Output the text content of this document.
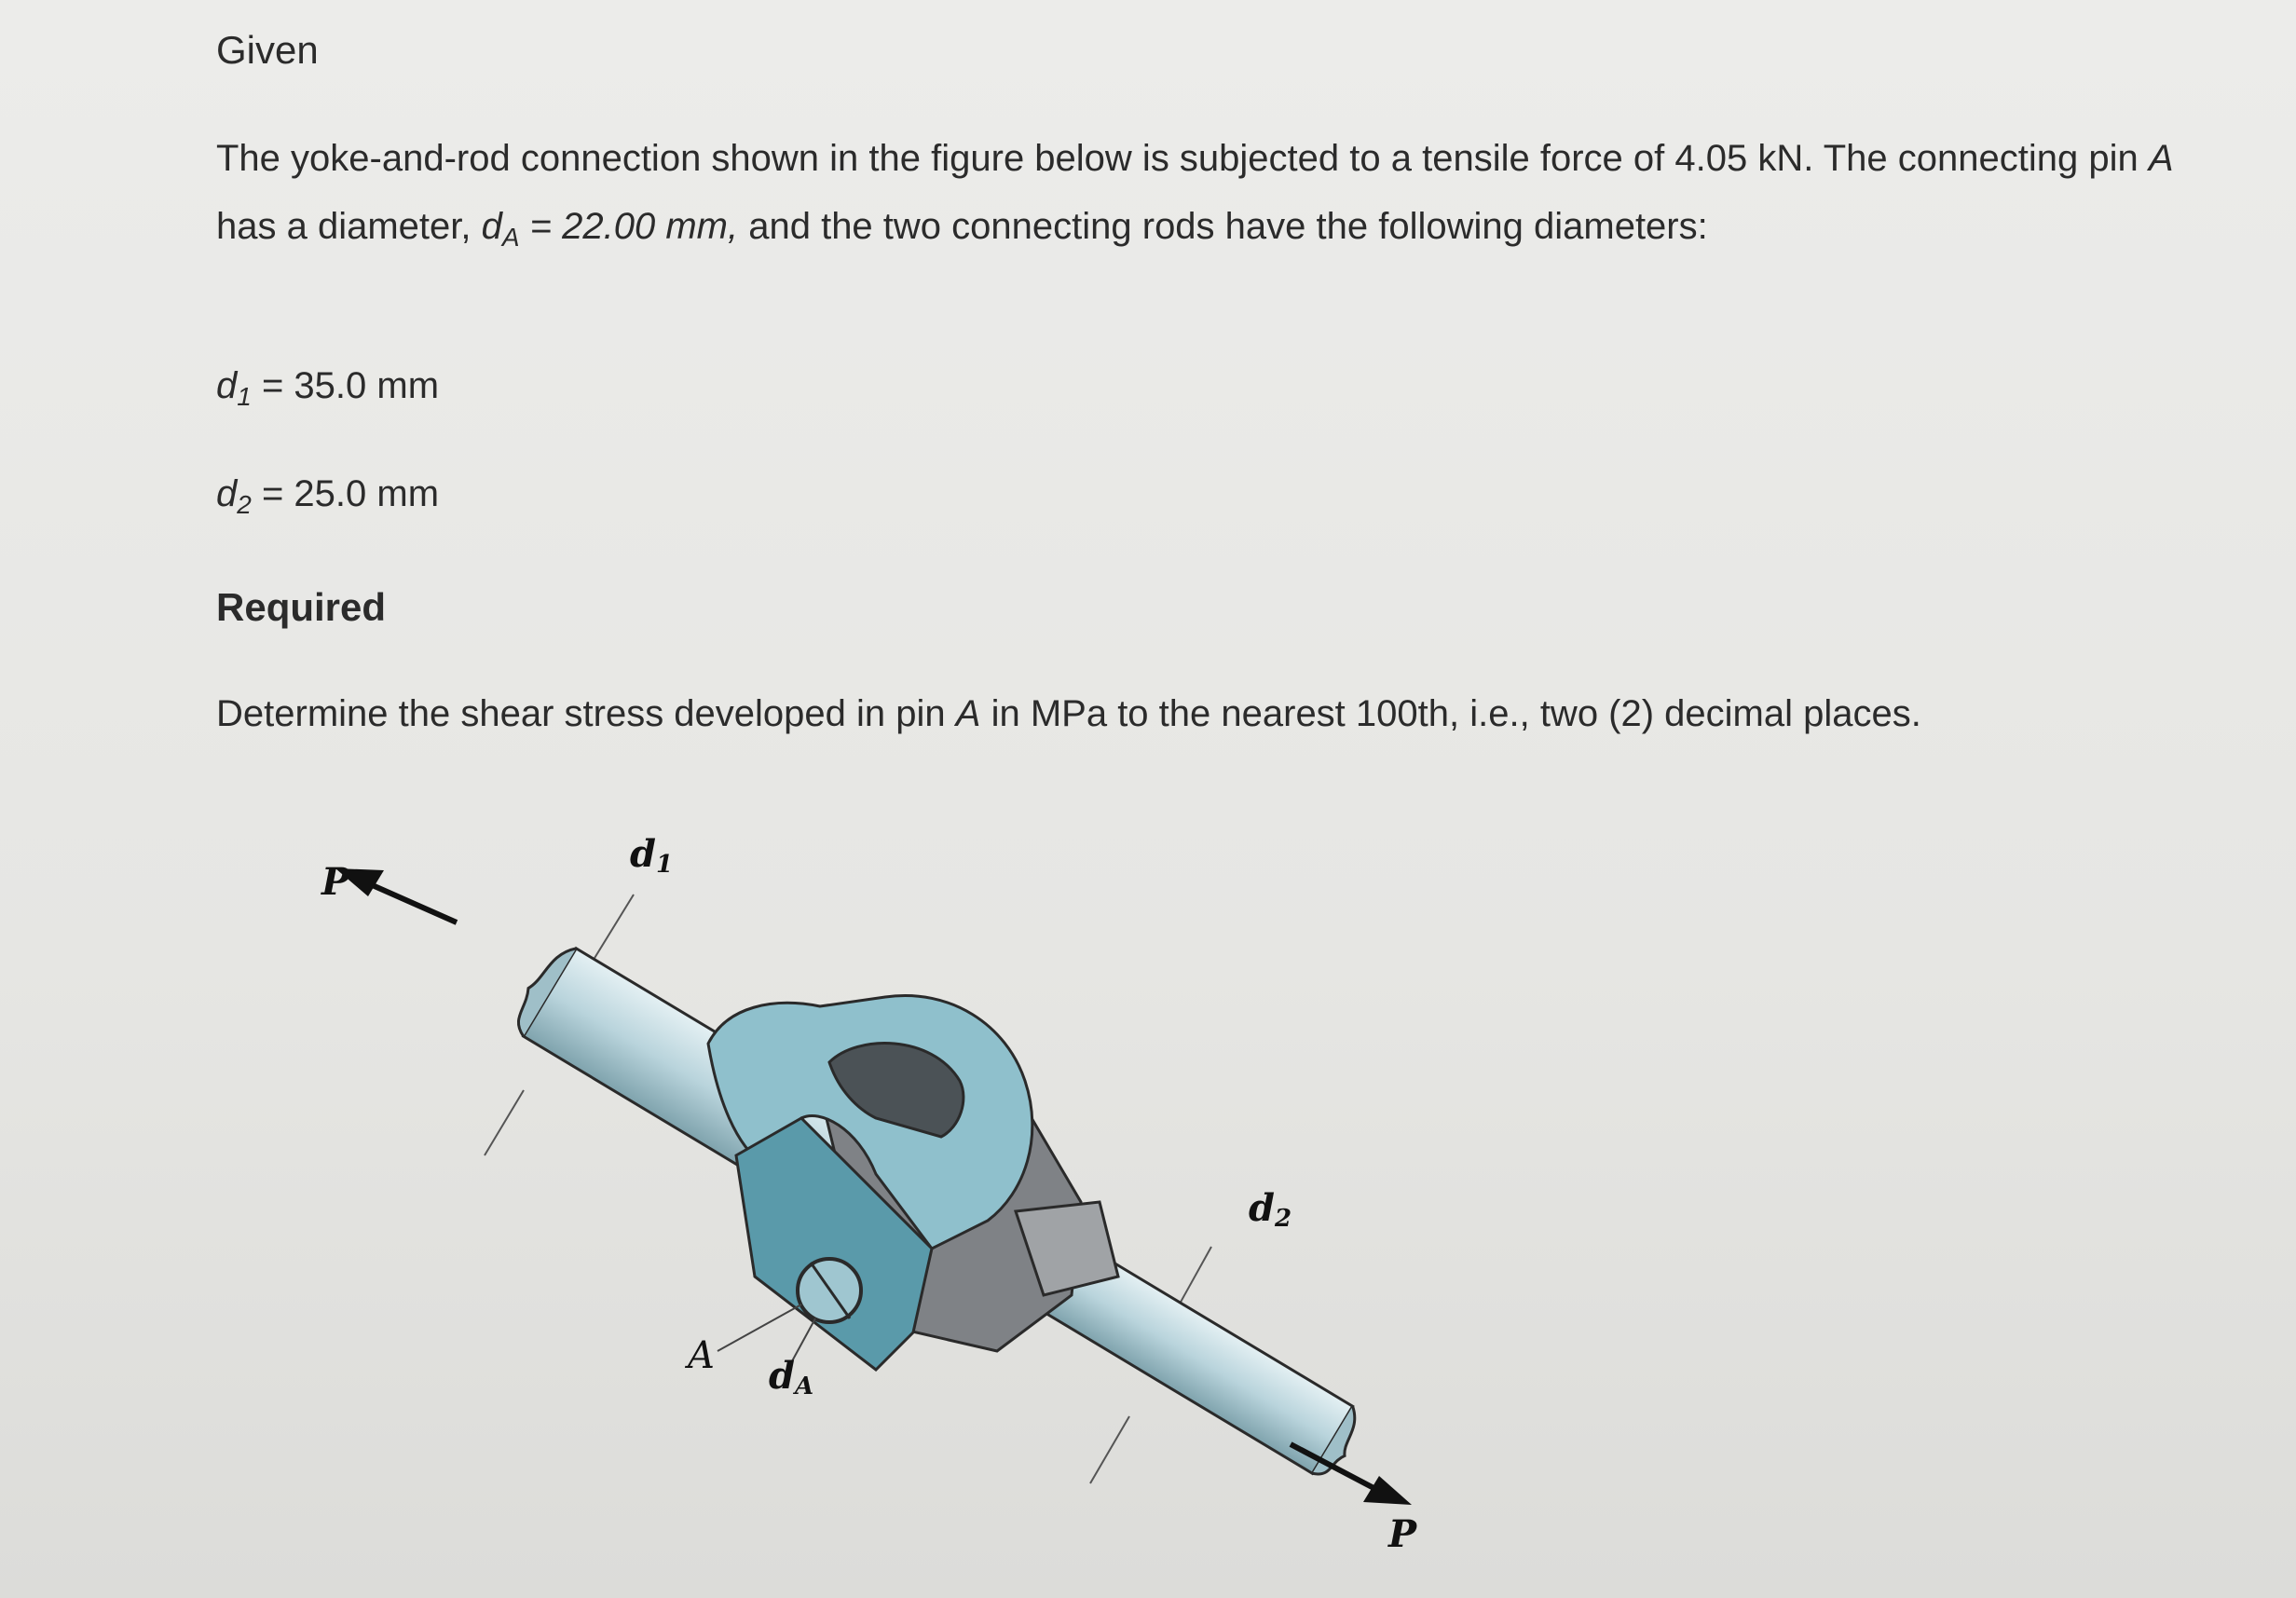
Given
The yoke-and-rod connection shown in the figure below is subjected to a tensile force of 4.05 kN. The connecting pin A has a diameter, $d_A = 22.00$ mm, and the two connecting rods have the following diameters:
$d_1 = 35.0$ mm
$d_2 = 25.0$ mm
Required
Determine the shear stress developed in pin A in MPa to the nearest 100th, i.e., two (2) decimal places.
P
P
d1
d2
dA
A
